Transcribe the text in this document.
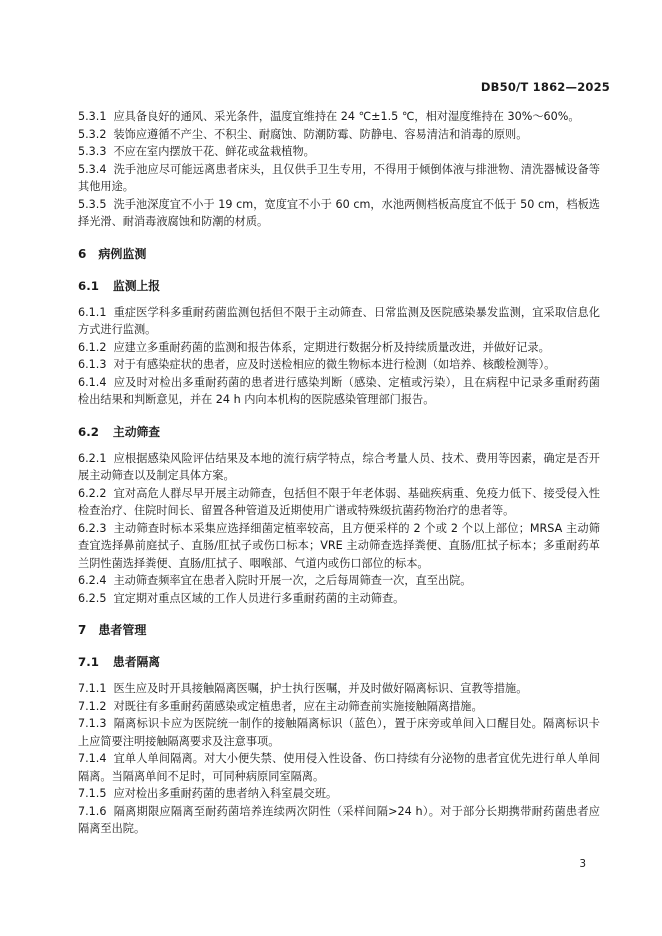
DB50/T 1862—2025

5.3.1 应具备良好的通风、采光条件，温度宜维持在 24 ℃±1.5 ℃，相对湿度维持在 30%～60%。

5.3.2 装饰应遵循不产尘、不积尘、耐腐蚀、防潮防霉、防静电、容易清洁和消毒的原则。

5.3.3 不应在室内摆放干花、鲜花或盆栽植物。

5.3.4 洗手池应尽可能远离患者床头，且仅供手卫生专用，不得用于倾倒体液与排泄物、清洗器械设备等其他用途。

5.3.5 洗手池深度宜不小于 19 cm，宽度宜不小于 60 cm，水池两侧档板高度宜不低于 50 cm，档板选择光滑、耐消毒液腐蚀和防潮的材质。

6 病例监测

6.1 监测上报

6.1.1 重症医学科多重耐药菌监测包括但不限于主动筛查、日常监测及医院感染暴发监测，宜采取信息化方式进行监测。

6.1.2 应建立多重耐药菌的监测和报告体系，定期进行数据分析及持续质量改进，并做好记录。

6.1.3 对于有感染症状的患者，应及时送检相应的微生物标本进行检测（如培养、核酸检测等）。

6.1.4 应及时对检出多重耐药菌的患者进行感染判断（感染、定植或污染），且在病程中记录多重耐药菌检出结果和判断意见，并在 24 h 内向本机构的医院感染管理部门报告。

6.2 主动筛查

6.2.1 应根据感染风险评估结果及本地的流行病学特点，综合考量人员、技术、费用等因素，确定是否开展主动筛查以及制定具体方案。

6.2.2 宜对高危人群尽早开展主动筛查，包括但不限于年老体弱、基础疾病重、免疫力低下、接受侵入性检查治疗、住院时间长、留置各种管道及近期使用广谱或特殊级抗菌药物治疗的患者等。

6.2.3 主动筛查时标本采集应选择细菌定植率较高，且方便采样的 2 个或 2 个以上部位；MRSA 主动筛查宜选择鼻前庭拭子、直肠/肛拭子或伤口标本；VRE 主动筛查选择粪便、直肠/肛拭子标本；多重耐药革兰阴性菌选择粪便、直肠/肛拭子、咽喉部、气道内或伤口部位的标本。

6.2.4 主动筛查频率宜在患者入院时开展一次，之后每周筛查一次，直至出院。

6.2.5 宜定期对重点区域的工作人员进行多重耐药菌的主动筛查。

7 患者管理

7.1 患者隔离

7.1.1 医生应及时开具接触隔离医嘱，护士执行医嘱，并及时做好隔离标识、宣教等措施。

7.1.2 对既往有多重耐药菌感染或定植患者，应在主动筛查前实施接触隔离措施。

7.1.3 隔离标识卡应为医院统一制作的接触隔离标识（蓝色），置于床旁或单间入口醒目处。隔离标识卡上应简要注明接触隔离要求及注意事项。

7.1.4 宜单人单间隔离。对大小便失禁、使用侵入性设备、伤口持续有分泌物的患者宜优先进行单人单间隔离。当隔离单间不足时，可同种病原同室隔离。

7.1.5 应对检出多重耐药菌的患者纳入科室晨交班。

7.1.6 隔离期限应隔离至耐药菌培养连续两次阴性（采样间隔>24 h）。对于部分长期携带耐药菌患者应隔离至出院。

3
